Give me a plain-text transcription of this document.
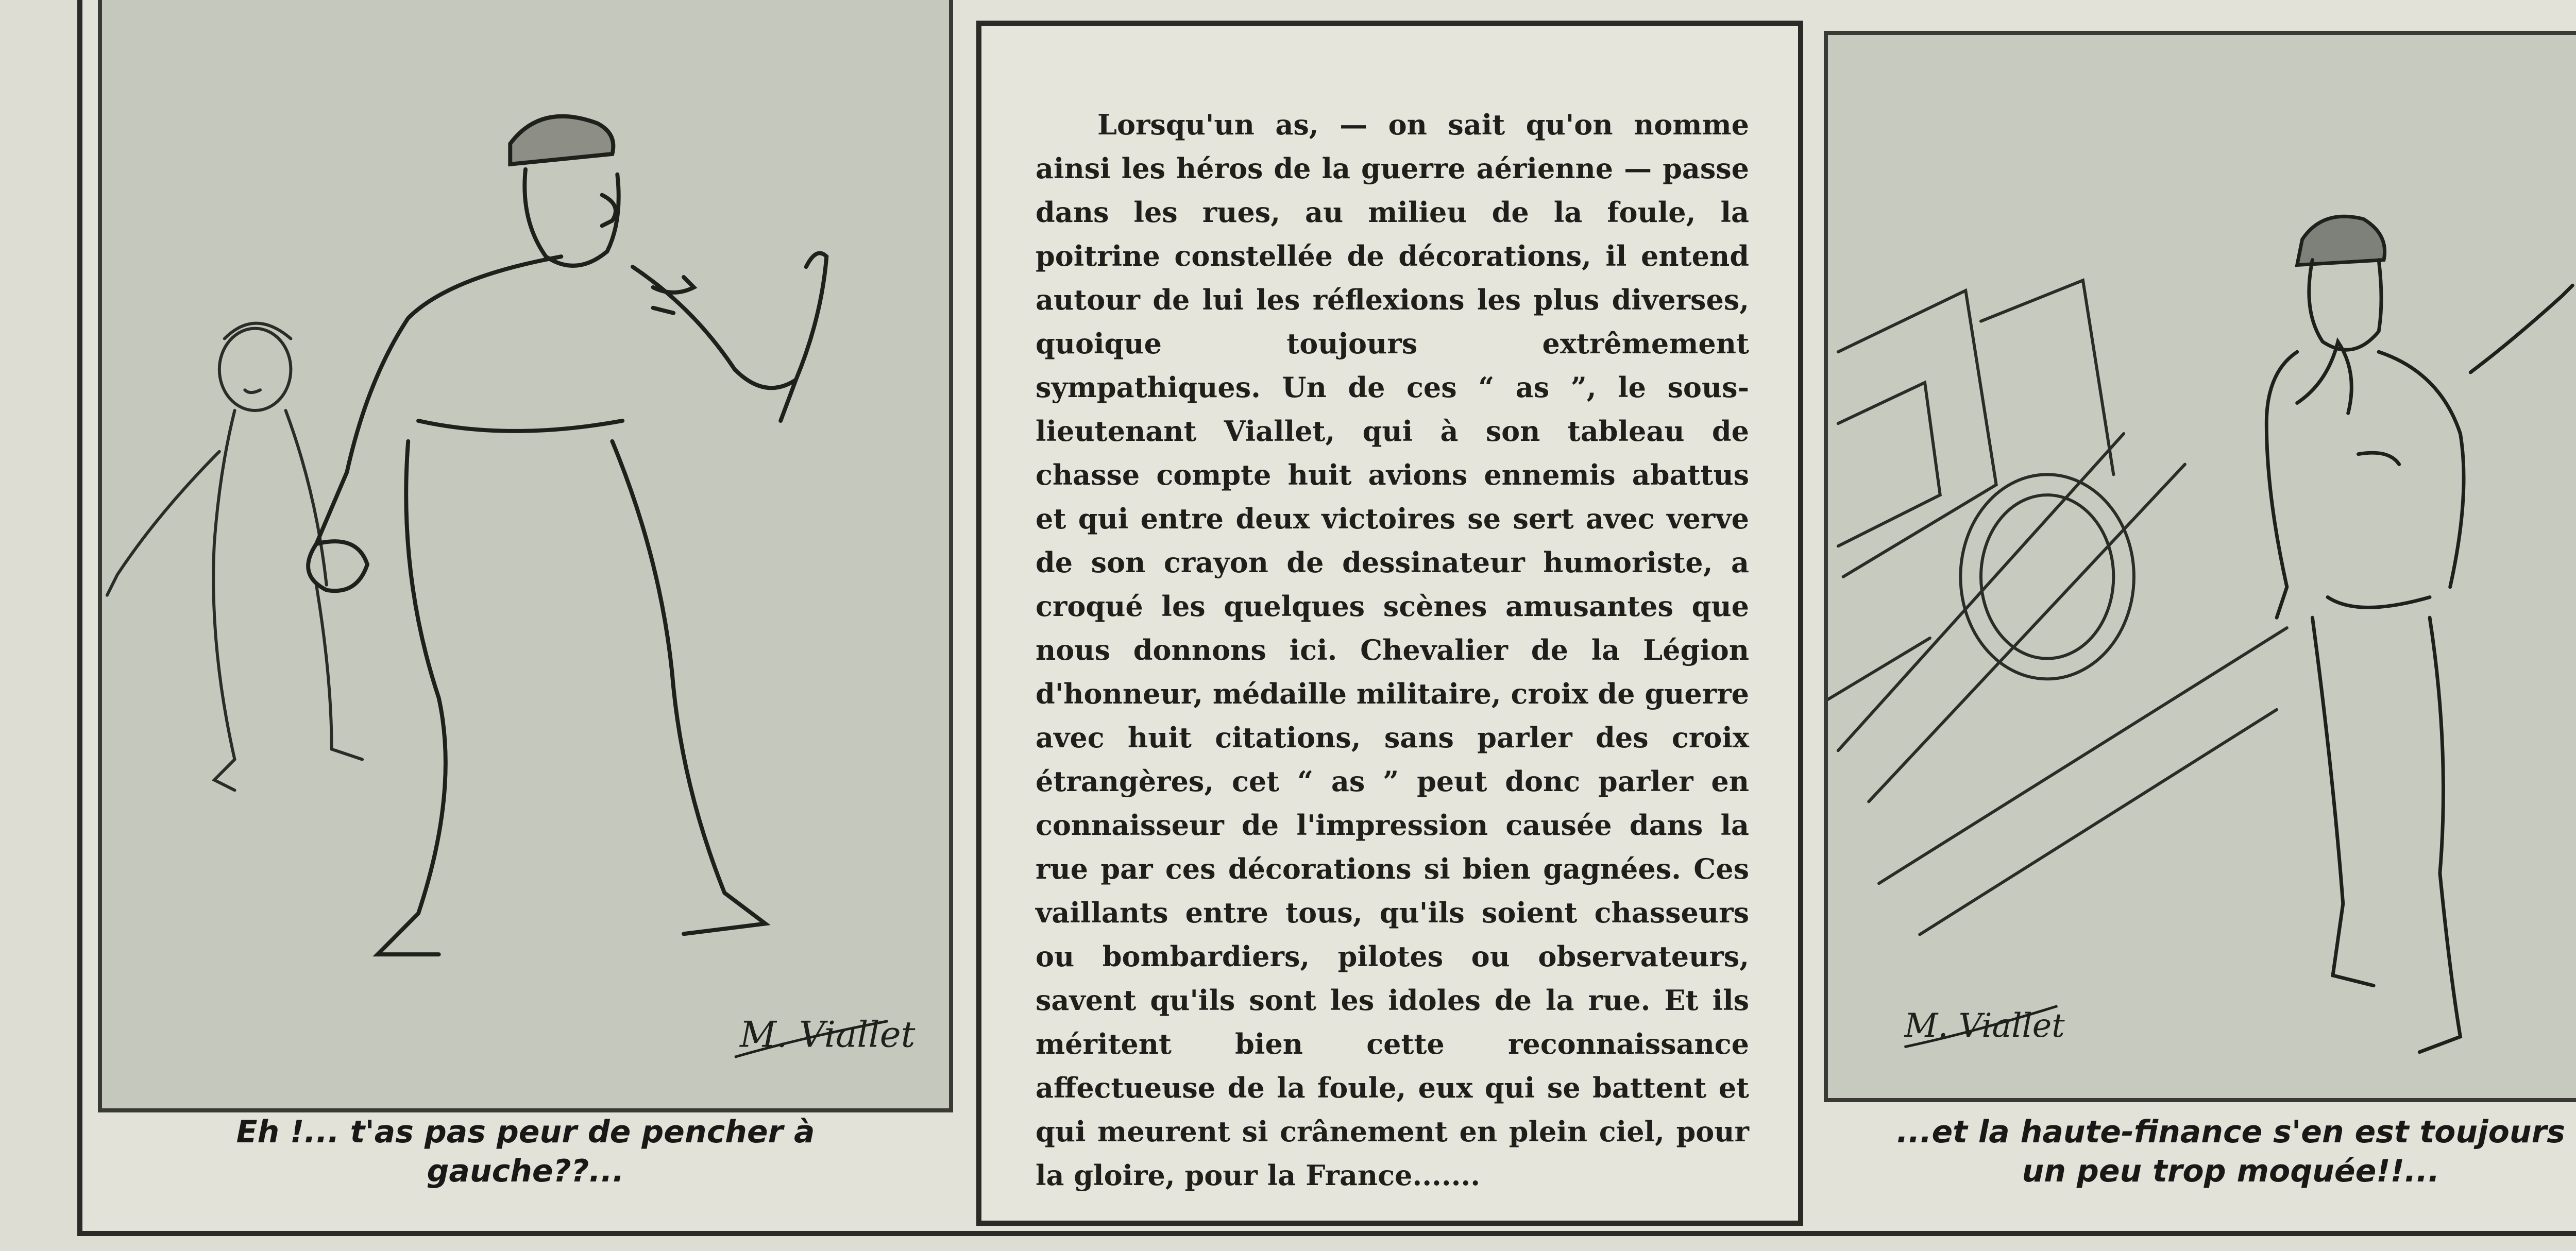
M. Viallet
Eh !... t'as pas peur de pencher à
gauche??...

Lorsqu'un as, — on sait qu'on nomme ainsi les héros de la guerre aérienne — passe dans les rues, au milieu de la foule, la poitrine constellée de décorations, il entend autour de lui les réflexions les plus diverses, quoique toujours extrêmement sympathiques. Un de ces “ as ”, le sous-lieutenant Viallet, qui à son tableau de chasse compte huit avions ennemis abattus et qui entre deux victoires se sert avec verve de son crayon de dessinateur humoriste, a croqué les quelques scènes amusantes que nous donnons ici. Chevalier de la Légion d'honneur, médaille militaire, croix de guerre avec huit citations, sans parler des croix étrangères, cet “ as ” peut donc parler en connaisseur de l'impression causée dans la rue par ces décorations si bien gagnées. Ces vaillants entre tous, qu'ils soient chasseurs ou bombardiers, pilotes ou observateurs, savent qu'ils sont les idoles de la rue. Et ils méritent bien cette reconnaissance affectueuse de la foule, eux qui se battent et qui meurent si crânement en plein ciel, pour la gloire, pour la France.......

M. Viallet
...et la haute-finance s'en est toujours
un peu trop moquée!!...
